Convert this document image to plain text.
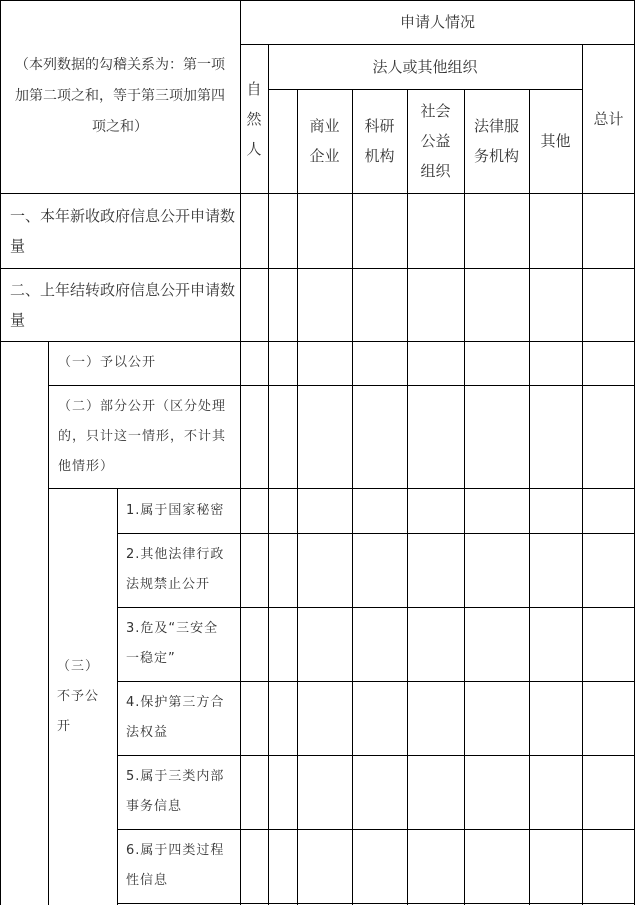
申请人情况
（本列数据的勾稽关系为：第一项
加第二项之和，等于第三项加第四
项之和）
自然
人
法人或其他组织
总计
商业
企业
科研
机构
社会
公益
组织
法律服
务机构
其他
一、本年新收政府信息公开申请数
量
二、上年结转政府信息公开申请数
量
（一）予以公开
（二）部分公开（区分处理
的，只计这一情形，不计其
他情形）
（三）
不予公
开
1.属于国家秘密
2.其他法律行政
法规禁止公开
3.危及“三安全
一稳定”
4.保护第三方合
法权益
5.属于三类内部
事务信息
6.属于四类过程
性信息
